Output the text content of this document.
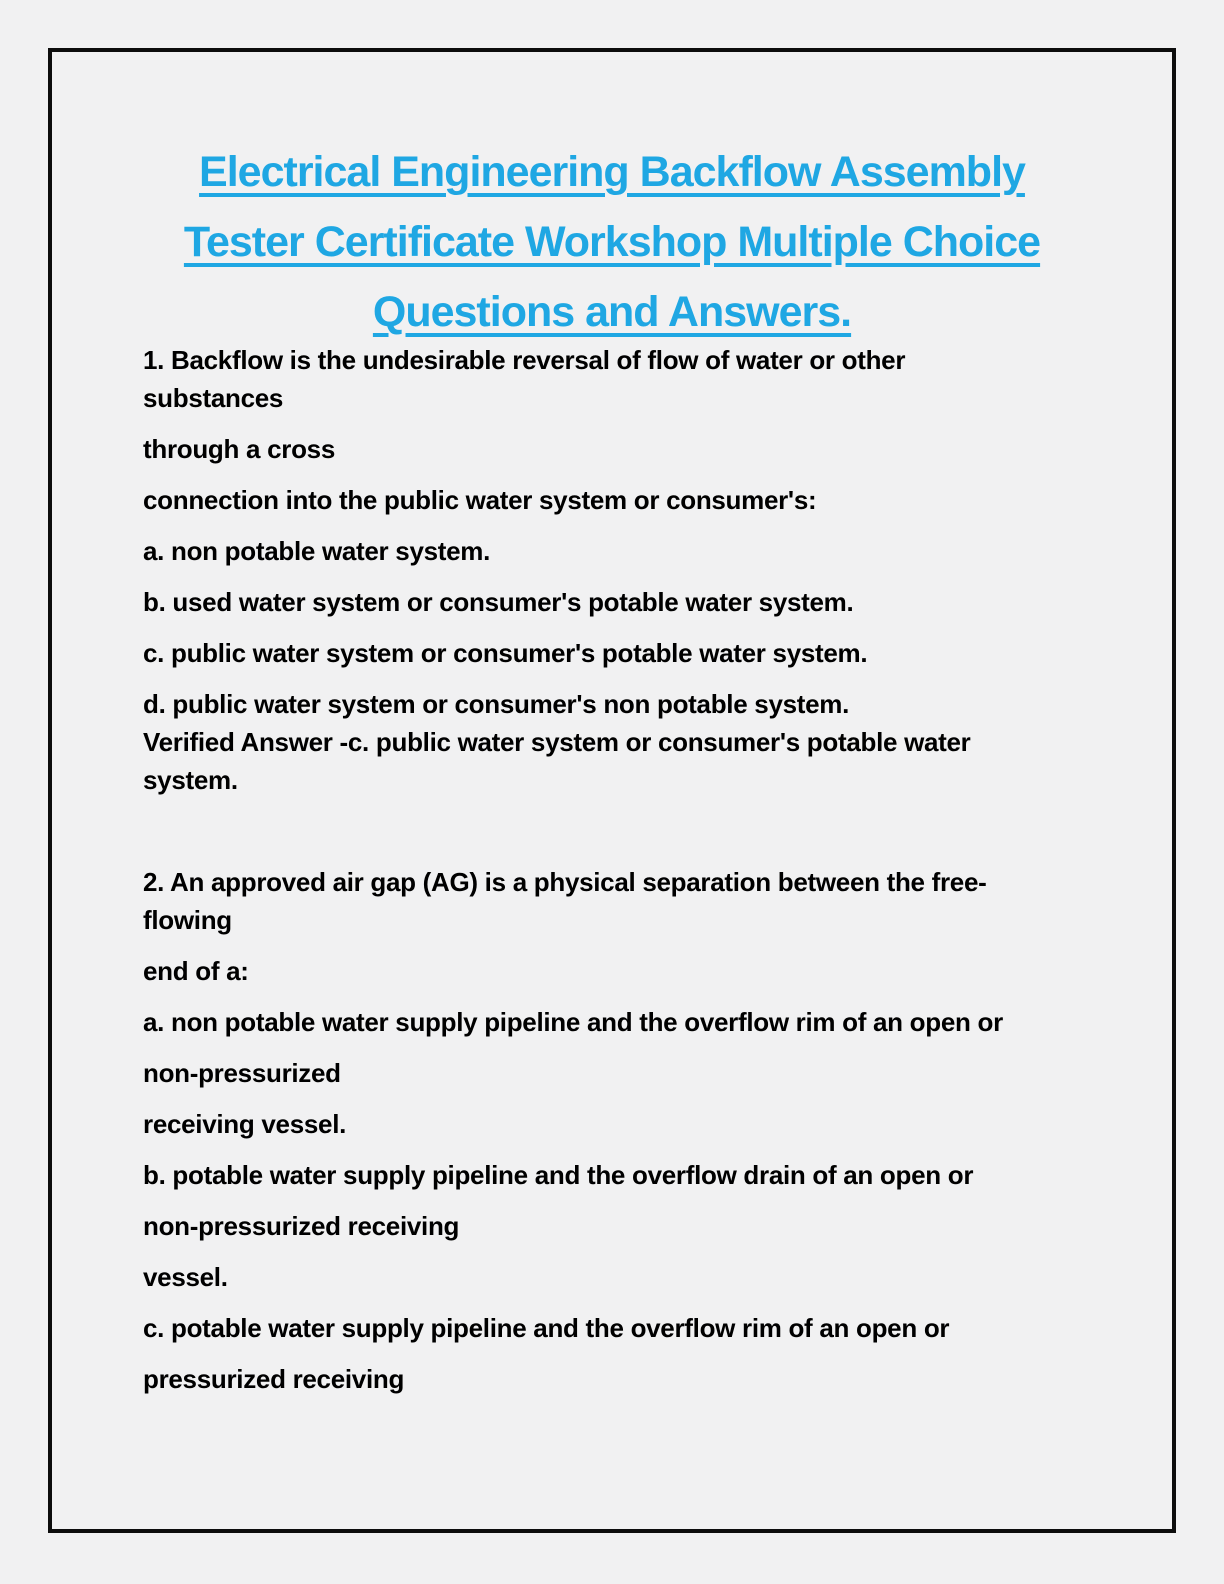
Electrical Engineering Backflow Assembly
Tester Certificate Workshop Multiple Choice
Questions and Answers.

1. Backflow is the undesirable reversal of flow of water or other
substances

through a cross

connection into the public water system or consumer's:

a. non potable water system.

b. used water system or consumer's potable water system.

c. public water system or consumer's potable water system.

d. public water system or consumer's non potable system.
Verified Answer -c. public water system or consumer's potable water
system.

2. An approved air gap (AG) is a physical separation between the free-
flowing

end of a:

a. non potable water supply pipeline and the overflow rim of an open or

non-pressurized

receiving vessel.

b. potable water supply pipeline and the overflow drain of an open or

non-pressurized receiving

vessel.

c. potable water supply pipeline and the overflow rim of an open or

pressurized receiving
